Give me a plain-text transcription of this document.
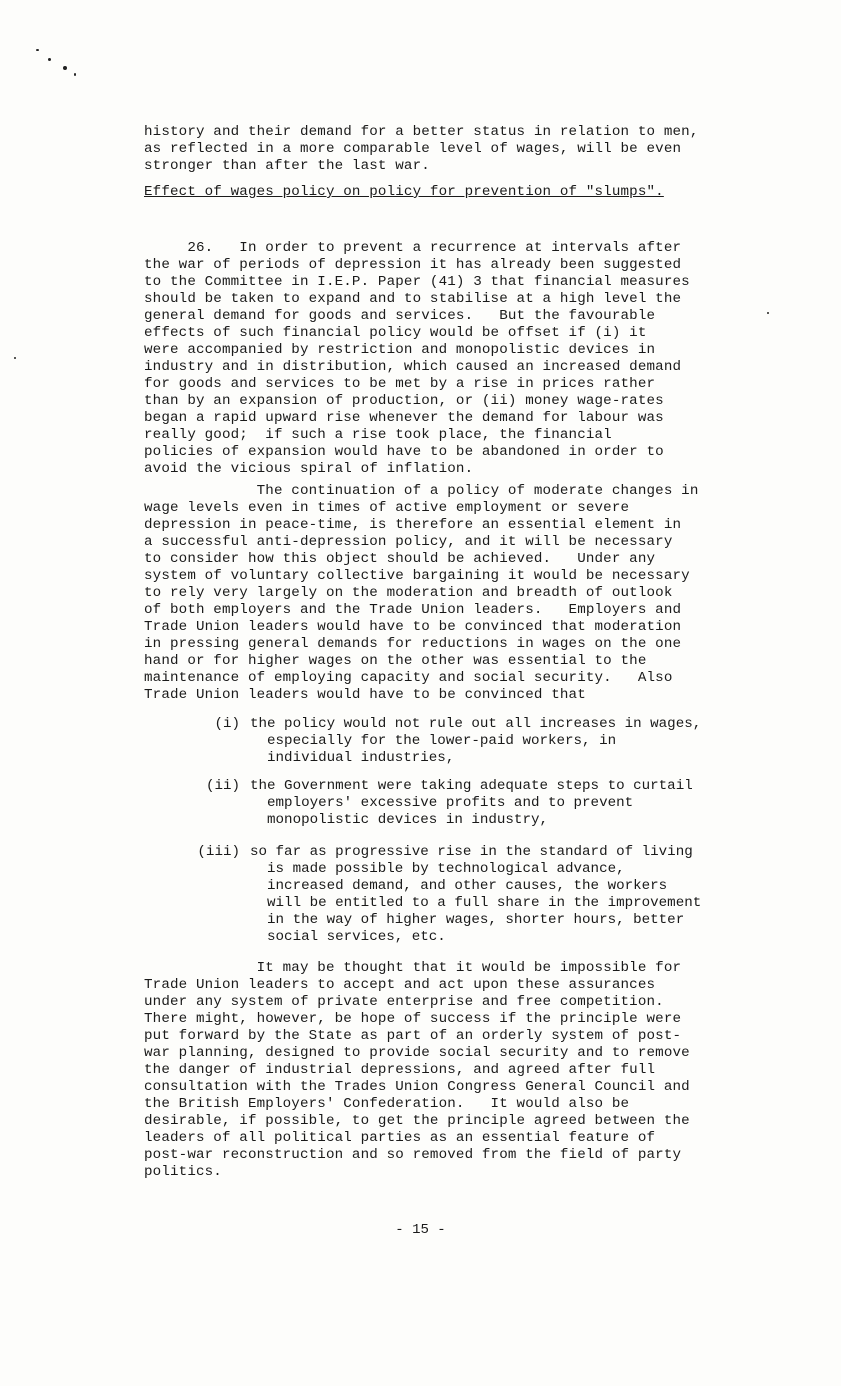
history and their demand for a better status in relation to men,
as reflected in a more comparable level of wages, will be even
stronger than after the last war.
Effect of wages policy on policy for prevention of "slumps".
26.   In order to prevent a recurrence at intervals after
the war of periods of depression it has already been suggested
to the Committee in I.E.P. Paper (41) 3 that financial measures
should be taken to expand and to stabilise at a high level the
general demand for goods and services.   But the favourable
effects of such financial policy would be offset if (i) it
were accompanied by restriction and monopolistic devices in
industry and in distribution, which caused an increased demand
for goods and services to be met by a rise in prices rather
than by an expansion of production, or (ii) money wage-rates
began a rapid upward rise whenever the demand for labour was
really good;  if such a rise took place, the financial
policies of expansion would have to be abandoned in order to
avoid the vicious spiral of inflation.
The continuation of a policy of moderate changes in
wage levels even in times of active employment or severe
depression in peace-time, is therefore an essential element in
a successful anti-depression policy, and it will be necessary
to consider how this object should be achieved.   Under any
system of voluntary collective bargaining it would be necessary
to rely very largely on the moderation and breadth of outlook
of both employers and the Trade Union leaders.   Employers and
Trade Union leaders would have to be convinced that moderation
in pressing general demands for reductions in wages on the one
hand or for higher wages on the other was essential to the
maintenance of employing capacity and social security.   Also
Trade Union leaders would have to be convinced that
(i) the policy would not rule out all increases in wages,
especially for the lower-paid workers, in
individual industries,
(ii) the Government were taking adequate steps to curtail
employers' excessive profits and to prevent
monopolistic devices in industry,
(iii) so far as progressive rise in the standard of living
is made possible by technological advance,
increased demand, and other causes, the workers
will be entitled to a full share in the improvement
in the way of higher wages, shorter hours, better
social services, etc.
It may be thought that it would be impossible for
Trade Union leaders to accept and act upon these assurances
under any system of private enterprise and free competition.
There might, however, be hope of success if the principle were
put forward by the State as part of an orderly system of post-
war planning, designed to provide social security and to remove
the danger of industrial depressions, and agreed after full
consultation with the Trades Union Congress General Council and
the British Employers' Confederation.   It would also be
desirable, if possible, to get the principle agreed between the
leaders of all political parties as an essential feature of
post-war reconstruction and so removed from the field of party
politics.
- 15 -
